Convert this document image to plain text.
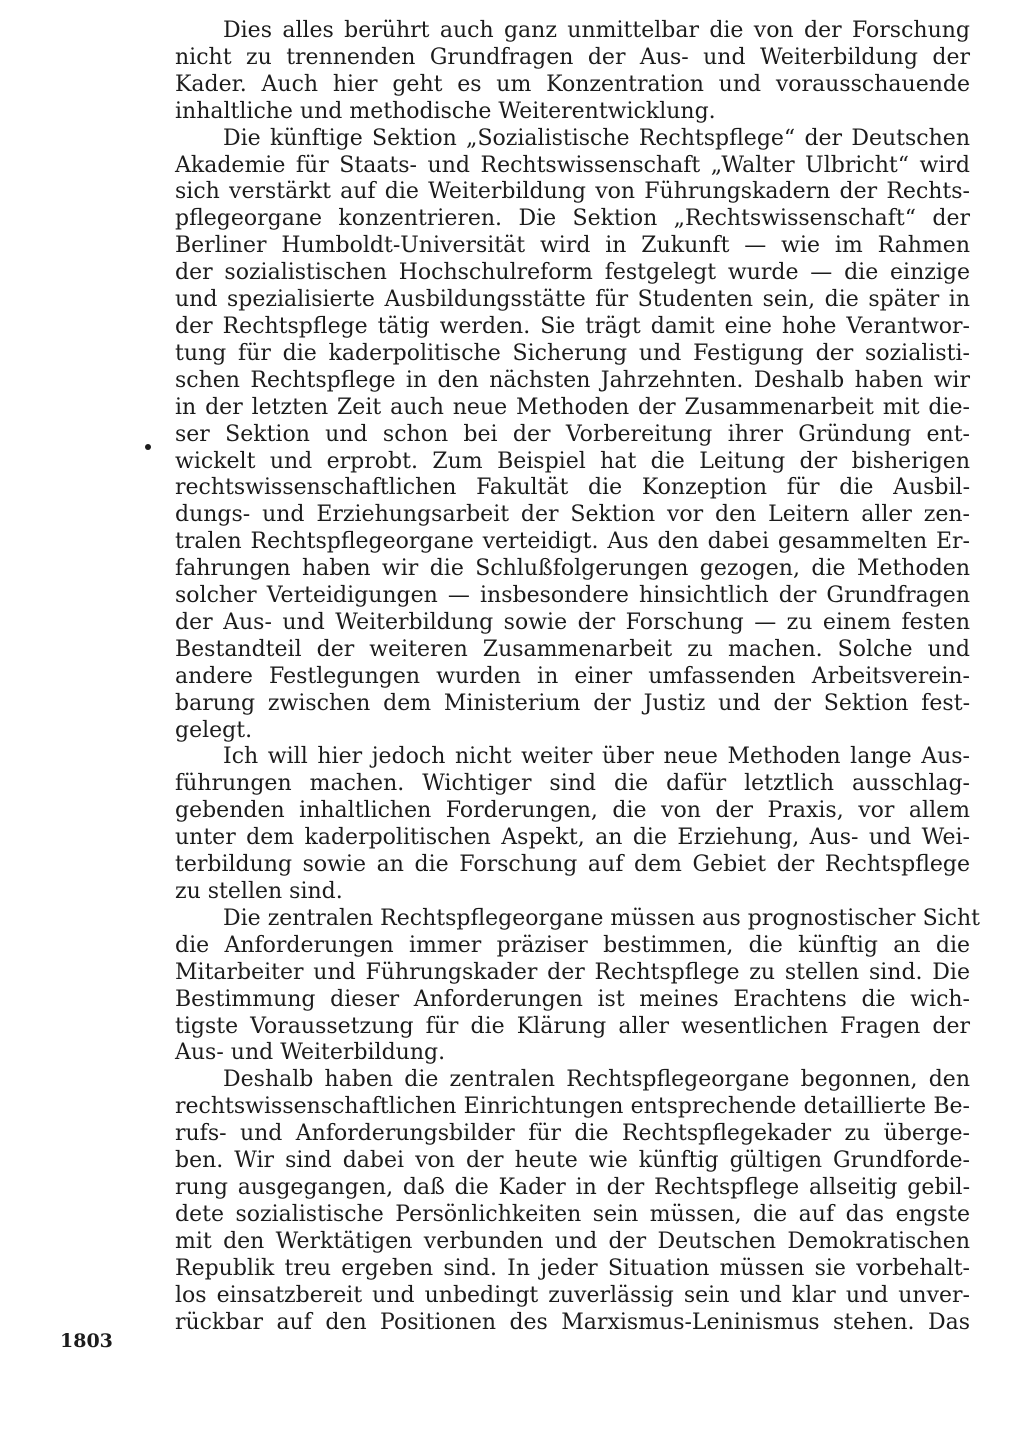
Dies alles berührt auch ganz unmittelbar die von der Forschung
nicht zu trennenden Grundfragen der Aus- und Weiterbildung der
Kader. Auch hier geht es um Konzentration und vorausschauende
inhaltliche und methodische Weiterentwicklung.
Die künftige Sektion „Sozialistische Rechtspflege“ der Deutschen
Akademie für Staats- und Rechtswissenschaft „Walter Ulbricht“ wird
sich verstärkt auf die Weiterbildung von Führungskadern der Rechts-
pflegeorgane konzentrieren. Die Sektion „Rechtswissenschaft“ der
Berliner Humboldt-Universität wird in Zukunft — wie im Rahmen
der sozialistischen Hochschulreform festgelegt wurde — die einzige
und spezialisierte Ausbildungsstätte für Studenten sein, die später in
der Rechtspflege tätig werden. Sie trägt damit eine hohe Verantwor-
tung für die kaderpolitische Sicherung und Festigung der sozialisti-
schen Rechtspflege in den nächsten Jahrzehnten. Deshalb haben wir
in der letzten Zeit auch neue Methoden der Zusammenarbeit mit die-
ser Sektion und schon bei der Vorbereitung ihrer Gründung ent-
wickelt und erprobt. Zum Beispiel hat die Leitung der bisherigen
rechtswissenschaftlichen Fakultät die Konzeption für die Ausbil-
dungs- und Erziehungsarbeit der Sektion vor den Leitern aller zen-
tralen Rechtspflegeorgane verteidigt. Aus den dabei gesammelten Er-
fahrungen haben wir die Schlußfolgerungen gezogen, die Methoden
solcher Verteidigungen — insbesondere hinsichtlich der Grundfragen
der Aus- und Weiterbildung sowie der Forschung — zu einem festen
Bestandteil der weiteren Zusammenarbeit zu machen. Solche und
andere Festlegungen wurden in einer umfassenden Arbeitsverein-
barung zwischen dem Ministerium der Justiz und der Sektion fest-
gelegt.
Ich will hier jedoch nicht weiter über neue Methoden lange Aus-
führungen machen. Wichtiger sind die dafür letztlich ausschlag-
gebenden inhaltlichen Forderungen, die von der Praxis, vor allem
unter dem kaderpolitischen Aspekt, an die Erziehung, Aus- und Wei-
terbildung sowie an die Forschung auf dem Gebiet der Rechtspflege
zu stellen sind.
Die zentralen Rechtspflegeorgane müssen aus prognostischer Sicht
die Anforderungen immer präziser bestimmen, die künftig an die
Mitarbeiter und Führungskader der Rechtspflege zu stellen sind. Die
Bestimmung dieser Anforderungen ist meines Erachtens die wich-
tigste Voraussetzung für die Klärung aller wesentlichen Fragen der
Aus- und Weiterbildung.
Deshalb haben die zentralen Rechtspflegeorgane begonnen, den
rechtswissenschaftlichen Einrichtungen entsprechende detaillierte Be-
rufs- und Anforderungsbilder für die Rechtspflegekader zu überge-
ben. Wir sind dabei von der heute wie künftig gültigen Grundforde-
rung ausgegangen, daß die Kader in der Rechtspflege allseitig gebil-
dete sozialistische Persönlichkeiten sein müssen, die auf das engste
mit den Werktätigen verbunden und der Deutschen Demokratischen
Republik treu ergeben sind. In jeder Situation müssen sie vorbehalt-
los einsatzbereit und unbedingt zuverlässig sein und klar und unver-
rückbar auf den Positionen des Marxismus-Leninismus stehen. Das
1803
